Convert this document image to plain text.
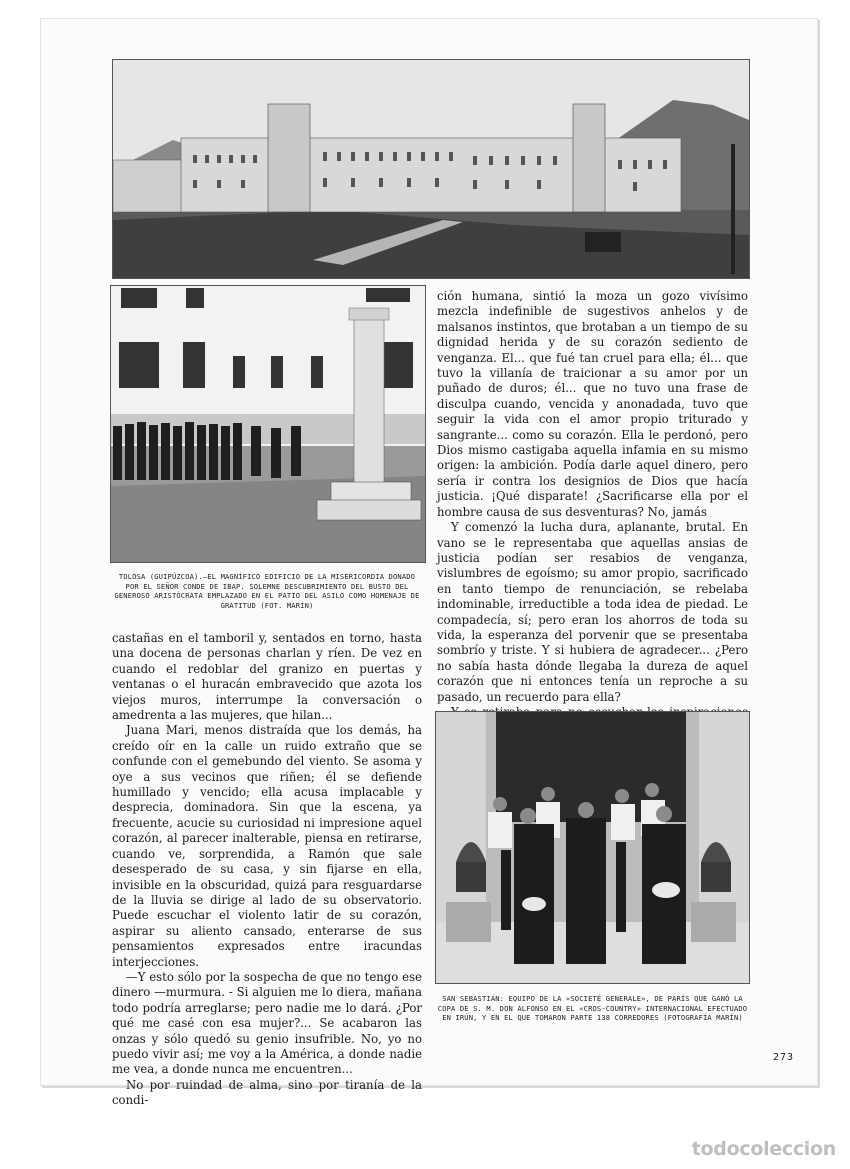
TOLOSA (GUIPÚZCOA).—EL MAGNÍFICO EDIFICIO DE LA MISERICORDIA DONADO POR EL SEÑOR CONDE DE IBAP. SOLEMNE DESCUBRIMIENTO DEL BUSTO DEL GENEROSO ARISTÓCRATA EMPLAZADO EN EL PATIO DEL ASILO COMO HOMENAJE DE GRATITUD (FOT. MARÍN)

ción humana, sintió la moza un gozo vivísimo mezcla indefinible de sugestivos anhelos y de malsanos instintos, que brotaban a un tiempo de su dignidad herida y de su corazón sediento de venganza. El... que fué tan cruel para ella; él... que tuvo la villanía de traicionar a su amor por un puñado de duros; él... que no tuvo una frase de disculpa cuando, vencida y anonadada, tuvo que seguir la vida con el amor propio triturado y sangrante... como su corazón. Ella le perdonó, pero Dios mismo castigaba aquella infamia en su mismo origen: la ambición. Podía darle aquel dinero, pero sería ir contra los designios de Dios que hacía justicia. ¡Qué disparate! ¿Sacrificarse ella por el hombre causa de sus desventuras? No, jamás

Y comenzó la lucha dura, aplanante, brutal. En vano se le representaba que aquellas ansias de justicia podían ser resabios de venganza, vislumbres de egoísmo; su amor propio, sacrificado en tanto tiempo de renunciación, se rebelaba indominable, irreductible a toda idea de piedad. Le compadecía, sí; pero eran los ahorros de toda su vida, la esperanza del porvenir que se presentaba sombrío y triste. Y si hubiera de agradecer... ¿Pero no sabía hasta dónde llegaba la dureza de aquel corazón que ni entonces tenía un reproche a su pasado, un recuerdo para ella?

castañas en el tamboril y, sentados en torno, hasta una docena de personas charlan y ríen. De vez en cuando el redoblar del granizo en puertas y ventanas o el huracán embravecido que azota los viejos muros, interrumpe la conversación o amedrenta a las mujeres, que hilan...

Juana Mari, menos distraída que los demás, ha creído oír en la calle un ruido extraño que se confunde con el gemebundo del viento. Se asoma y oye a sus vecinos que riñen; él se defiende humillado y vencido; ella acusa implacable y desprecia, dominadora. Sin que la escena, ya frecuente, acucie su curiosidad ni impresione aquel corazón, al parecer inalterable, piensa en retirarse, cuando ve, sorprendida, a Ramón que sale desesperado de su casa, y sin fijarse en ella, invisible en la obscuridad, quizá para resguardarse de la lluvia se dirige al lado de su observatorio. Puede escuchar el violento latir de su corazón, aspirar su aliento cansado, enterarse de sus pensamientos expresados entre iracundas interjecciones.

—Y esto sólo por la sospecha de que no tengo ese dinero —murmura. - Si alguien me lo diera, mañana todo podría arreglarse; pero nadie me lo dará. ¿Por qué me casé con esa mujer?... Se acabaron las onzas y sólo quedó su genio insufrible. No, yo no puedo vivir así; me voy a la América, a donde nadie me vea, a donde nunca me encuentren...

No por ruindad de alma, sino por tiranía de la condi-

SAN SEBASTIÁN: EQUIPO DE LA «SOCIETÉ GENERALE», DE PARÍS QUE GANÓ LA COPA DE S. M. DON ALFONSO EN EL «CROS-COUNTRY» INTERNACIONAL EFECTUADO EN IRÚN, Y EN EL QUE TOMARON PARTE 138 CORREDORES (FOTOGRAFÍA MARÍN)
273
todocoleccion
